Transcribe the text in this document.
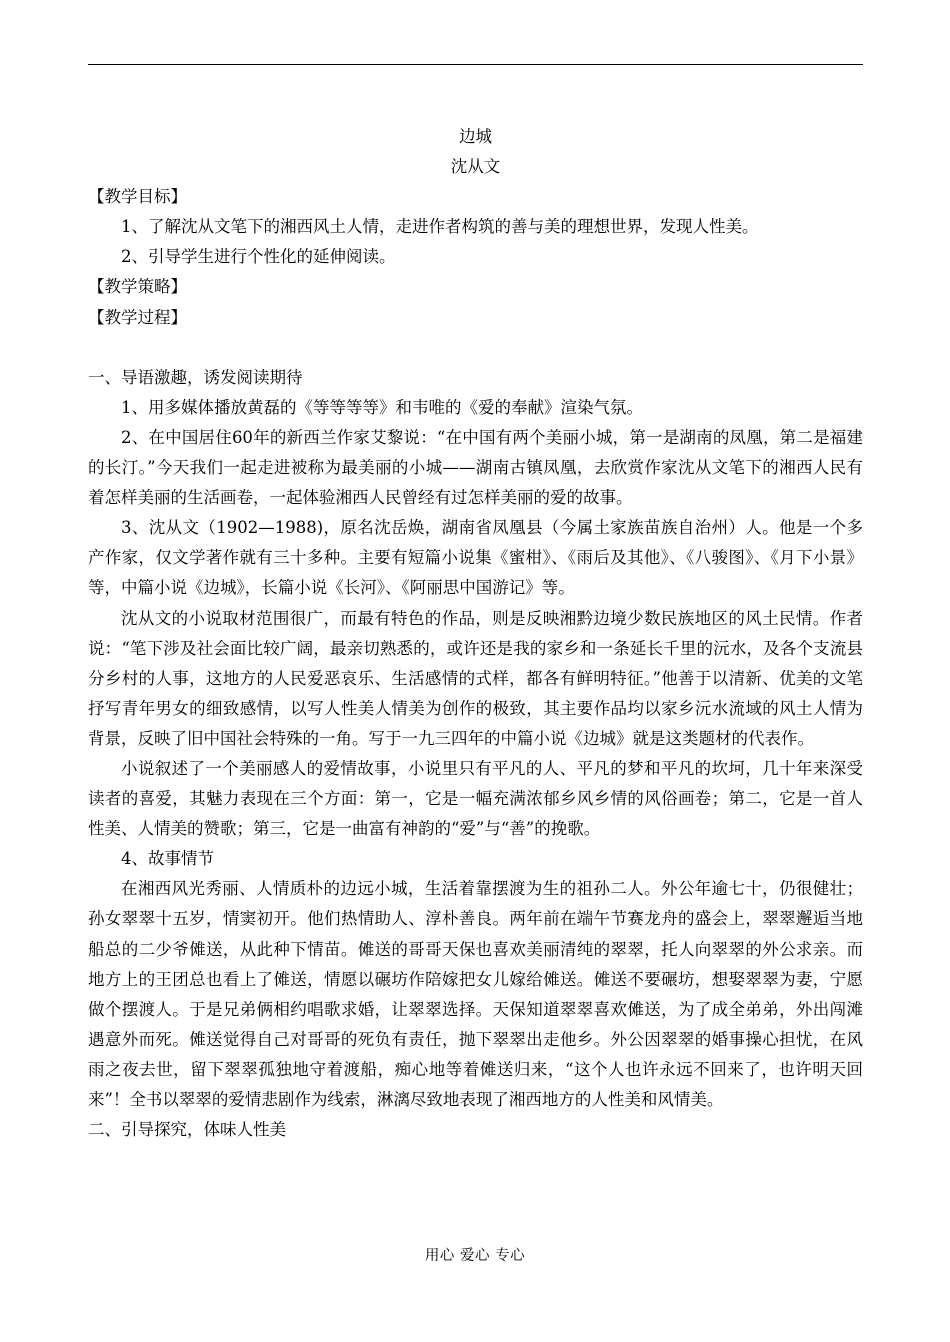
边城

沈从文

【教学目标】

1、了解沈从文笔下的湘西风土人情，走进作者构筑的善与美的理想世界，发现人性美。

2、引导学生进行个性化的延伸阅读。

【教学策略】

【教学过程】

一、导语激趣，诱发阅读期待

1、用多媒体播放黄磊的《等等等等》和韦唯的《爱的奉献》渲染气氛。

2、在中国居住60年的新西兰作家艾黎说：“在中国有两个美丽小城，第一是湖南的凤凰，第二是福建的长汀。”今天我们一起走进被称为最美丽的小城——湖南古镇凤凰，去欣赏作家沈从文笔下的湘西人民有着怎样美丽的生活画卷，一起体验湘西人民曾经有过怎样美丽的爱的故事。

3、沈从文（1902—1988)，原名沈岳焕，湖南省凤凰县（今属土家族苗族自治州）人。他是一个多产作家，仅文学著作就有三十多种。主要有短篇小说集《蜜柑》、《雨后及其他》、《八骏图》、《月下小景》等，中篇小说《边城》，长篇小说《长河》、《阿丽思中国游记》等。

沈从文的小说取材范围很广，而最有特色的作品，则是反映湘黔边境少数民族地区的风土民情。作者说：“笔下涉及社会面比较广阔，最亲切熟悉的，或许还是我的家乡和一条延长千里的沅水，及各个支流县分乡村的人事，这地方的人民爱恶哀乐、生活感情的式样，都各有鲜明特征。”他善于以清新、优美的文笔抒写青年男女的细致感情，以写人性美人情美为创作的极致，其主要作品均以家乡沅水流域的风土人情为背景，反映了旧中国社会特殊的一角。写于一九三四年的中篇小说《边城》就是这类题材的代表作。

小说叙述了一个美丽感人的爱情故事，小说里只有平凡的人、平凡的梦和平凡的坎坷，几十年来深受读者的喜爱，其魅力表现在三个方面：第一，它是一幅充满浓郁乡风乡情的风俗画卷；第二，它是一首人性美、人情美的赞歌；第三，它是一曲富有神韵的“爱”与“善”的挽歌。

4、故事情节

在湘西风光秀丽、人情质朴的边远小城，生活着靠摆渡为生的祖孙二人。外公年逾七十，仍很健壮；孙女翠翠十五岁，情窦初开。他们热情助人、淳朴善良。两年前在端午节赛龙舟的盛会上，翠翠邂逅当地船总的二少爷傩送，从此种下情苗。傩送的哥哥天保也喜欢美丽清纯的翠翠，托人向翠翠的外公求亲。而地方上的王团总也看上了傩送，情愿以碾坊作陪嫁把女儿嫁给傩送。傩送不要碾坊，想娶翠翠为妻，宁愿做个摆渡人。于是兄弟俩相约唱歌求婚，让翠翠选择。天保知道翠翠喜欢傩送，为了成全弟弟，外出闯滩遇意外而死。傩送觉得自己对哥哥的死负有责任，抛下翠翠出走他乡。外公因翠翠的婚事操心担忧，在风雨之夜去世，留下翠翠孤独地守着渡船，痴心地等着傩送归来，“这个人也许永远不回来了，也许明天回来”！全书以翠翠的爱情悲剧作为线索，淋漓尽致地表现了湘西地方的人性美和风情美。

二、引导探究，体味人性美

用心 爱心 专心
